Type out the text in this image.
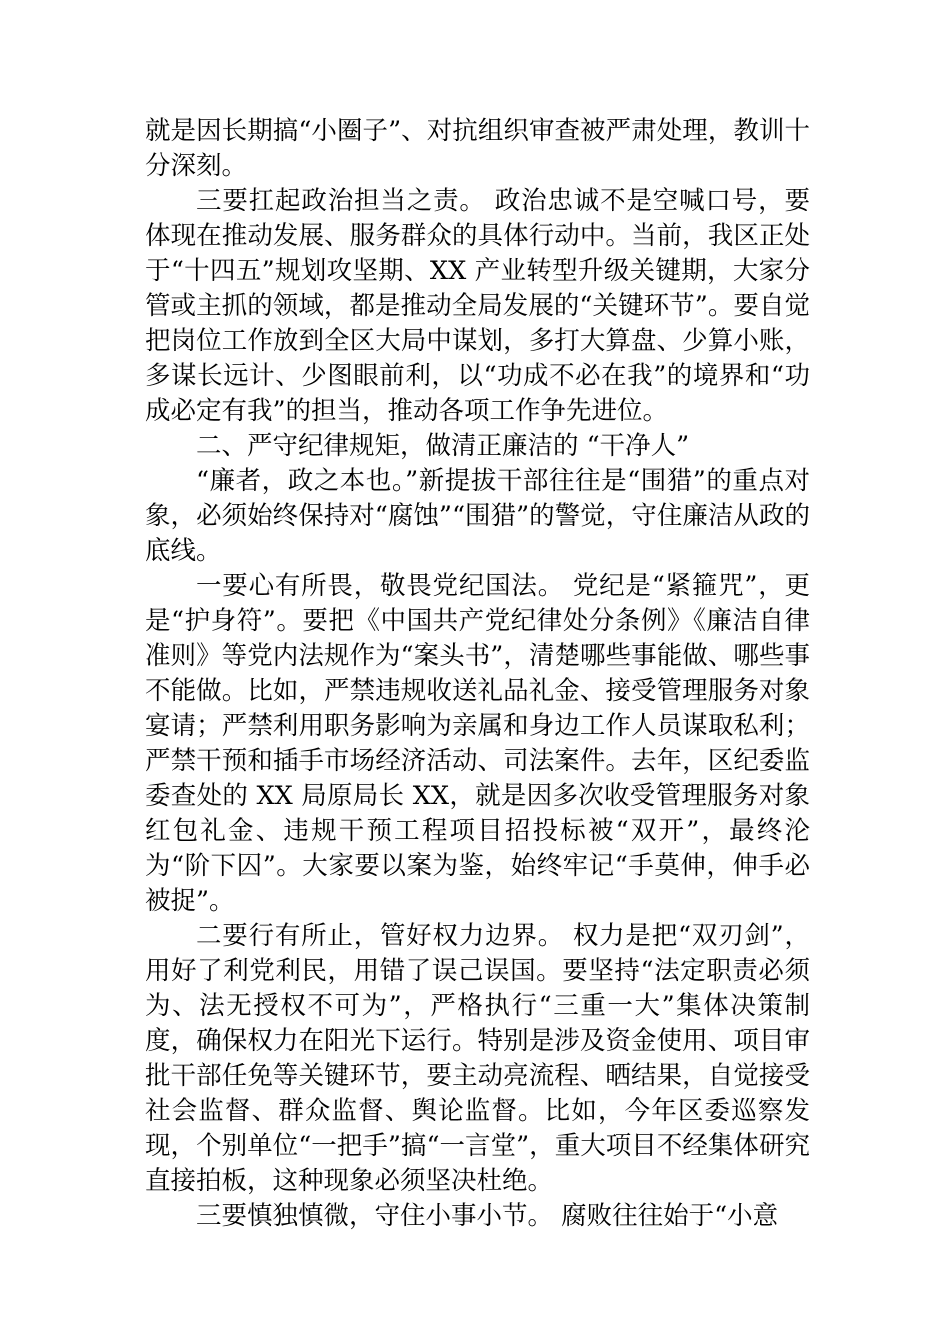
就是因长期搞“小圈子”、对抗组织审查被严肃处理，教训十分深刻。

三要扛起政治担当之责。 政治忠诚不是空喊口号，要体现在推动发展、服务群众的具体行动中。当前，我区正处于“十四五”规划攻坚期、XX 产业转型升级关键期，大家分管或主抓的领域，都是推动全局发展的“关键环节”。要自觉把岗位工作放到全区大局中谋划，多打大算盘、少算小账，多谋长远计、少图眼前利，以“功成不必在我”的境界和“功成必定有我”的担当，推动各项工作争先进位。

二、严守纪律规矩，做清正廉洁的 “干净人”

“廉者，政之本也。”新提拔干部往往是“围猎”的重点对象，必须始终保持对“腐蚀”“围猎”的警觉，守住廉洁从政的底线。

一要心有所畏，敬畏党纪国法。 党纪是“紧箍咒”，更是“护身符”。要把《中国共产党纪律处分条例》《廉洁自律准则》等党内法规作为“案头书”，清楚哪些事能做、哪些事不能做。比如，严禁违规收送礼品礼金、接受管理服务对象宴请；严禁利用职务影响为亲属和身边工作人员谋取私利；严禁干预和插手市场经济活动、司法案件。去年，区纪委监委查处的 XX 局原局长 XX，就是因多次收受管理服务对象红包礼金、违规干预工程项目招投标被“双开”，最终沦为“阶下囚”。大家要以案为鉴，始终牢记“手莫伸，伸手必被捉”。

二要行有所止，管好权力边界。 权力是把“双刃剑”，用好了利党利民，用错了误己误国。要坚持“法定职责必须为、法无授权不可为”，严格执行“三重一大”集体决策制度，确保权力在阳光下运行。特别是涉及资金使用、项目审批干部任免等关键环节，要主动亮流程、晒结果，自觉接受社会监督、群众监督、舆论监督。比如，今年区委巡察发现，个别单位“一把手”搞“一言堂”，重大项目不经集体研究直接拍板，这种现象必须坚决杜绝。

三要慎独慎微，守住小事小节。 腐败往往始于“小意
